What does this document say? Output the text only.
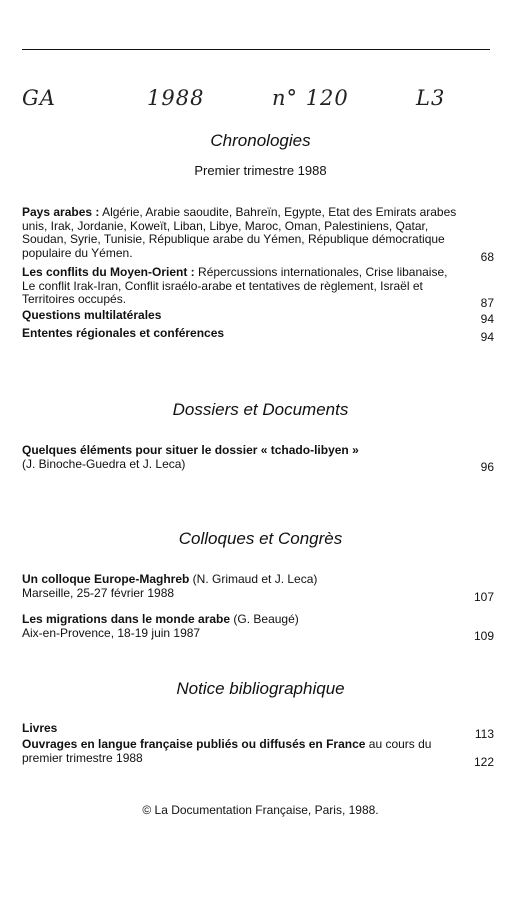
GA	1988	n° 120	L3
Chronologies
Premier trimestre 1988
Pays arabes : Algérie, Arabie saoudite, Bahreïn, Egypte, Etat des Emirats arabes unis, Irak, Jordanie, Koweït, Liban, Libye, Maroc, Oman, Palestiniens, Qatar, Soudan, Syrie, Tunisie, République arabe du Yémen, République démocratique populaire du Yémen.	68
Les conflits du Moyen-Orient : Répercussions internationales, Crise libanaise, Le conflit Irak-Iran, Conflit israélo-arabe et tentatives de règlement, Israël et Territoires occupés.	87
Questions multilatérales	94
Ententes régionales et conférences	94
Dossiers et Documents
Quelques éléments pour situer le dossier « tchado-libyen »
(J. Binoche-Guedra et J. Leca)	96
Colloques et Congrès
Un colloque Europe-Maghreb (N. Grimaud et J. Leca)
Marseille, 25-27 février 1988	107
Les migrations dans le monde arabe (G. Beaugé)
Aix-en-Provence, 18-19 juin 1987	109
Notice bibliographique
Livres	113
Ouvrages en langue française publiés ou diffusés en France au cours du premier trimestre 1988	122
© La Documentation Française, Paris, 1988.
